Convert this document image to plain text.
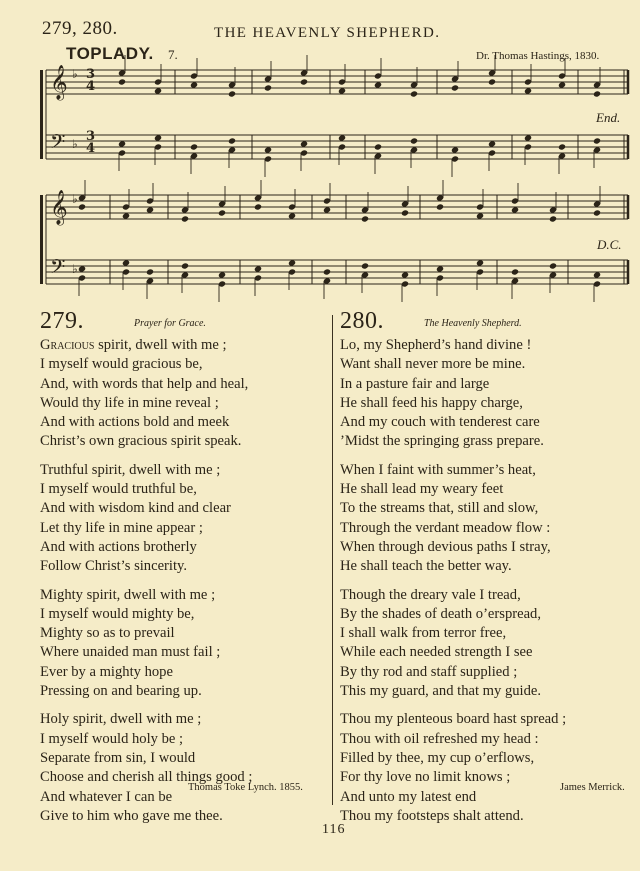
279, 280.	THE HEAVENLY SHEPHERD.
TOPLADY. 7.	Dr. Thomas Hastings, 1830.
𝄞 ♭
𝄢 ♭
𝄞 ♭
𝄢 ♭
3
4
3
4
End.
D.C.
279.	Prayer for Grace.
Gracious spirit, dwell with me ;
I myself would gracious be,
And, with words that help and heal,
Would thy life in mine reveal ;
And with actions bold and meek
Christ’s own gracious spirit speak.
Truthful spirit, dwell with me ;
I myself would truthful be,
And with wisdom kind and clear
Let thy life in mine appear ;
And with actions brotherly
Follow Christ’s sincerity.
Mighty spirit, dwell with me ;
I myself would mighty be,
Mighty so as to prevail
Where unaided man must fail ;
Ever by a mighty hope
Pressing on and bearing up.
Holy spirit, dwell with me ;
I myself would holy be ;
Separate from sin, I would
Choose and cherish all things good ;
And whatever I can be
Give to him who gave me thee.
280.	The Heavenly Shepherd.
Lo, my Shepherd’s hand divine !
Want shall never more be mine.
In a pasture fair and large
He shall feed his happy charge,
And my couch with tenderest care
’Midst the springing grass prepare.
When I faint with summer’s heat,
He shall lead my weary feet
To the streams that, still and slow,
Through the verdant meadow flow :
When through devious paths I stray,
He shall teach the better way.
Though the dreary vale I tread,
By the shades of death o’erspread,
I shall walk from terror free,
While each needed strength I see
By thy rod and staff supplied ;
This my guard, and that my guide.
Thou my plenteous board hast spread ;
Thou with oil refreshed my head :
Filled by thee, my cup o’erflows,
For thy love no limit knows ;
And unto my latest end
Thou my footsteps shalt attend.
Thomas Toke Lynch. 1855.	James Merrick.
116
